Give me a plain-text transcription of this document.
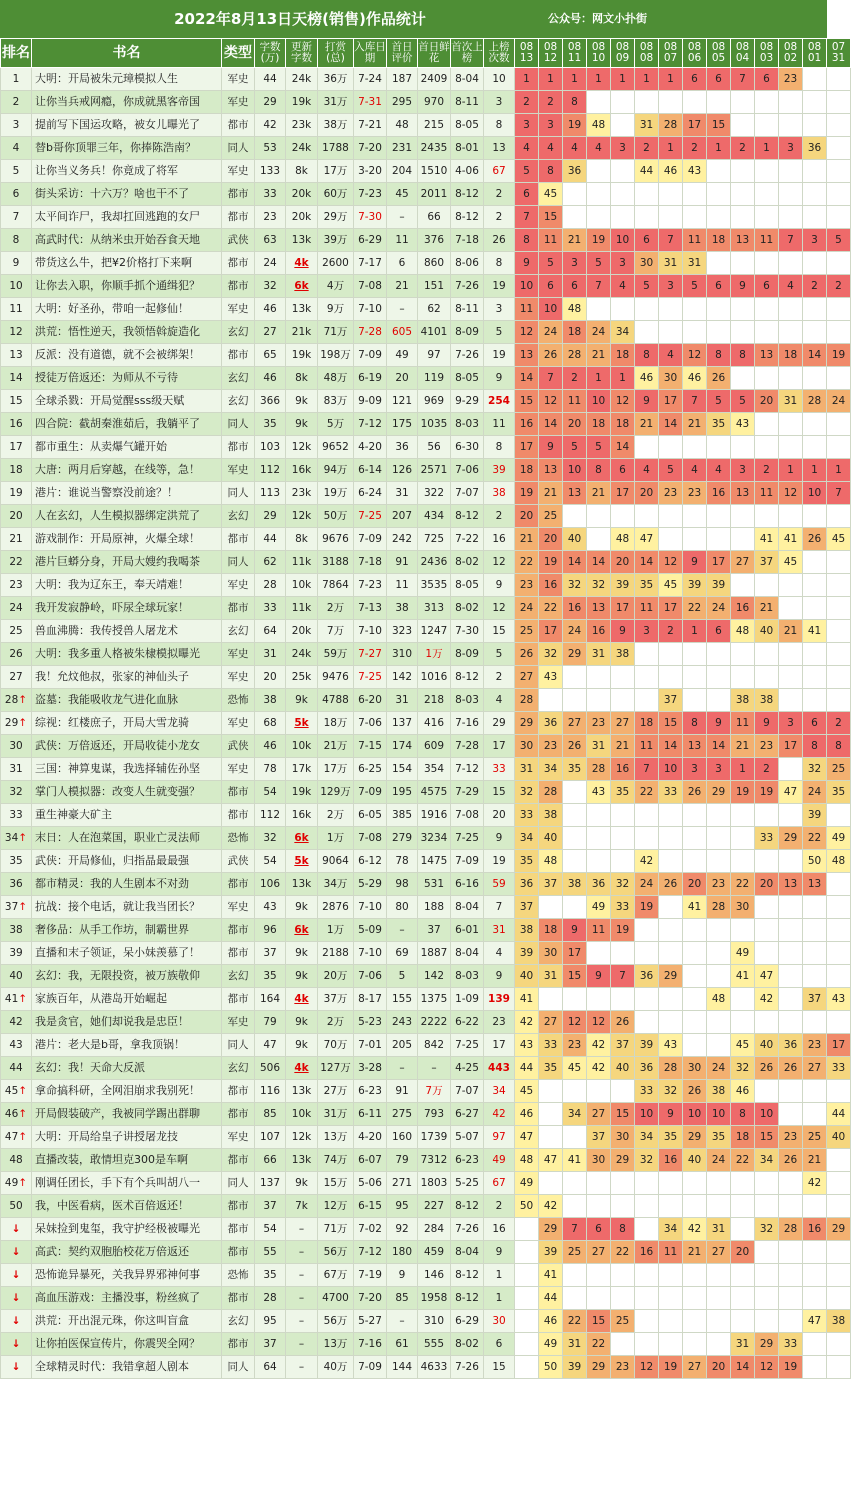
2022年8月13日天榜(销售)作品统计	公众号：网文小扑街
排名	书名	类型	字数(万)	更新字数	打赏(总)	入库日期	首日评价	首日鲜花	首次上榜	上榜次数	08 13	08 12	08 11	08 10	08 09	08 08	08 07	08 06	08 05	08 04	08 03	08 02	08 01	07 31
1	大明：开局被朱元璋模拟人生	军史	44	24k	36万	7-24	187	2409	8-04	10	1	1	1	1	1	1	1	6	6	7	6	23		
2	让你当兵戒网瘾，你成就黑客帝国	军史	29	19k	31万	7-31	295	970	8-11	3	2	2	8											
3	提前写下国运攻略，被女儿曝光了	都市	42	23k	38万	7-21	48	215	8-05	8	3	3	19	48		31	28	17	15					
4	替b哥你顶罪三年，你捧陈浩南？	同人	53	24k	1788	7-20	231	2435	8-01	13	4	4	4	4	3	2	1	2	1	2	1	3	36	
5	让你当义务兵！你竟成了将军	军史	133	8k	17万	3-20	204	1510	4-06	67	5	8	36			44	46	43						
6	街头采访：十六万？啥也干不了	都市	33	20k	60万	7-23	45	2011	8-12	2	6	45												
7	太平间诈尸，我却扛回逃跑的女尸	都市	23	20k	29万	7-30	–	66	8-12	2	7	15												
8	高武时代：从纳米虫开始吞食天地	武侠	63	13k	39万	6-29	11	376	7-18	26	8	11	21	19	10	6	7	11	18	13	11	7	3	5
9	带货这么牛，把¥2价格打下来啊	都市	24	4k	2600	7-17	6	860	8-06	8	9	5	3	5	3	30	31	31						
10	让你去入职，你顺手抓个通缉犯？	都市	32	6k	4万	7-08	21	151	7-26	19	10	6	6	7	4	5	3	5	6	9	6	4	2	2
11	大明：好圣孙，带咱一起修仙！	军史	46	13k	9万	7-10	–	62	8-11	3	11	10	48											
12	洪荒：悟性逆天，我领悟斡旋造化	玄幻	27	21k	71万	7-28	605	4101	8-09	5	12	24	18	24	34									
13	反派：没有道德，就不会被绑架！	都市	65	19k	198万	7-09	49	97	7-26	19	13	26	28	21	18	8	4	12	8	8	13	18	14	19
14	授徒万倍返还：为师从不亏待	玄幻	46	8k	48万	6-19	20	119	8-05	9	14	7	2	1	1	46	30	46	26					
15	全球杀戮：开局觉醒sss级天赋	玄幻	366	9k	83万	9-09	121	969	9-29	254	15	12	11	10	12	9	17	7	5	5	20	31	28	24
16	四合院：截胡秦淮茹后，我躺平了	同人	35	9k	5万	7-12	175	1035	8-03	11	16	14	20	18	18	21	14	21	35	43				
17	都市重生：从卖爆气罐开始	都市	103	12k	9652	4-20	36	56	6-30	8	17	9	5	5	14									
18	大唐：两月后穿越，在线等，急！	军史	112	16k	94万	6-14	126	2571	7-06	39	18	13	10	8	6	4	5	4	4	3	2	1	1	1
19	港片：谁说当警察没前途？！	同人	113	23k	19万	6-24	31	322	7-07	38	19	21	13	21	17	20	23	23	16	13	11	12	10	7
20	人在玄幻，人生模拟器绑定洪荒了	玄幻	29	12k	50万	7-25	207	434	8-12	2	20	25												
21	游戏制作：开局原神，火爆全球！	都市	44	8k	9676	7-09	242	725	7-22	16	21	20	40		48	47					41	41	26	45
22	港片巨蟒分身，开局大嫂约我喝茶	同人	62	11k	3188	7-18	91	2436	8-02	12	22	19	14	14	20	14	12	9	17	27	37	45		
23	大明：我为辽东王，奉天靖难！	军史	28	10k	7864	7-23	11	3535	8-05	9	23	16	32	32	39	35	45	39	39					
24	我开发寂静岭，吓尿全球玩家！	都市	33	11k	2万	7-13	38	313	8-02	12	24	22	16	13	17	11	17	22	24	16	21			
25	兽血沸腾：我传授兽人屠龙术	玄幻	64	20k	7万	7-10	323	1247	7-30	15	25	17	24	16	9	3	2	1	6	48	40	21	41	
26	大明：我多重人格被朱棣模拟曝光	军史	31	24k	59万	7-27	310	1万	8-09	5	26	32	29	31	38									
27	我！允炆他叔，张家的神仙头子	军史	20	25k	9476	7-25	142	1016	8-12	2	27	43												
28↑	盗墓：我能吸收龙气进化血脉	恐怖	38	9k	4788	6-20	31	218	8-03	4	28						37			38	38			
29↑	综视：红楼庶子，开局大雪龙骑	军史	68	5k	18万	7-06	137	416	7-16	29	29	36	27	23	27	18	15	8	9	11	9	3	6	2
30	武侠：万倍返还，开局收徒小龙女	武侠	46	10k	21万	7-15	174	609	7-28	17	30	23	26	31	21	11	14	13	14	21	23	17	8	8
31	三国：神算鬼谋，我选择辅佐孙坚	军史	78	17k	17万	6-25	154	354	7-12	33	31	34	35	28	16	7	10	3	3	1	2		32	25
32	掌门人模拟器：改变人生就变强？	都市	54	19k	129万	7-09	195	4575	7-29	15	32	28		43	35	22	33	26	29	19	19	47	24	35
33	重生神豪大矿主	都市	112	16k	2万	6-05	385	1916	7-08	20	33	38											39	
34↑	末日：人在泡菜国，职业亡灵法师	恐怖	32	6k	1万	7-08	279	3234	7-25	9	34	40									33	29	22	49
35	武侠：开局修仙，归指晶最最强	武侠	54	5k	9064	6-12	78	1475	7-09	19	35	48				42							50	48
36	都市精灵：我的人生剧本不对劲	都市	106	13k	34万	5-29	98	531	6-16	59	36	37	38	36	32	24	26	20	23	22	20	13	13	
37↑	抗战：接个电话，就让我当团长？	军史	43	9k	2876	7-10	80	188	8-04	7	37			49	33	19		41	28	30				
38	奢侈品：从手工作坊，制霸世界	都市	96	6k	1万	5-09	–	37	6-01	31	38	18	9	11	19									
39	直播和末子领证，呆小妹羡慕了！	都市	37	9k	2188	7-10	69	1887	8-04	4	39	30	17							49				
40	玄幻：我，无限投资，被万族敬仰	玄幻	35	9k	20万	7-06	5	142	8-03	9	40	31	15	9	7	36	29			41	47			
41↑	家族百年，从港岛开始崛起	都市	164	4k	37万	8-17	155	1375	1-09	139	41								48		42		37	43
42	我是贪官，她们却说我是忠臣！	军史	79	9k	2万	5-23	243	2222	6-22	23	42	27	12	12	26									
43	港片：老大是b哥，拿我顶锅！	同人	47	9k	70万	7-01	205	842	7-25	17	43	33	23	42	37	39	43			45	40	36	23	17
44	玄幻：我！天命大反派	玄幻	506	4k	127万	3-28	–	–	4-25	443	44	35	45	42	40	36	28	30	24	32	26	26	27	33
45↑	拿命搞科研，全网泪崩求我别死！	都市	116	13k	27万	6-23	91	7万	7-07	34	45					33	32	26	38	46				
46↑	开局假装破产，我被同学踢出群聊	都市	85	10k	31万	6-11	275	793	6-27	42	46		34	27	15	10	9	10	10	8	10			44
47↑	大明：开局给皇子讲授屠龙技	军史	107	12k	13万	4-20	160	1739	5-07	97	47			37	30	34	35	29	35	18	15	23	25	40
48	直播改装，敢情坦克300是车啊	都市	66	13k	74万	6-07	79	7312	6-23	49	48	47	41	30	29	32	16	40	24	22	34	26	21	
49↑	刚调任团长，手下有个兵叫胡八一	同人	137	9k	15万	5-06	271	1803	5-25	67	49												42	
50	我，中医看病，医术百倍返还！	都市	37	7k	12万	6-15	95	227	8-12	2	50	42												
↓	呆妹捡到鬼玺，我守护经极被曝光	都市	54	–	71万	7-02	92	284	7-26	16		29	7	6	8		34	42	31		32	28	16	29
↓	高武：契约双胞胎校花万倍返还	都市	55	–	56万	7-12	180	459	8-04	9		39	25	27	22	16	11	21	27	20				
↓	恐怖诡异暴死，关我异界邪神何事	恐怖	35	–	67万	7-19	9	146	8-12	1		41												
↓	高血压游戏：主播没事，粉丝疯了	都市	28	–	4700	7-20	85	1958	8-12	1		44												
↓	洪荒：开出混元珠，你这叫盲盒	玄幻	95	–	56万	5-27	–	310	6-29	30		46	22	15	25								47	38
↓	让你拍医保宣传片，你震哭全网？	都市	37	–	13万	7-16	61	555	8-02	6		49	31	22						31	29	33		
↓	全球精灵时代：我错拿超人剧本	同人	64	–	40万	7-09	144	4633	7-26	15		50	39	29	23	12	19	27	20	14	12	19		
